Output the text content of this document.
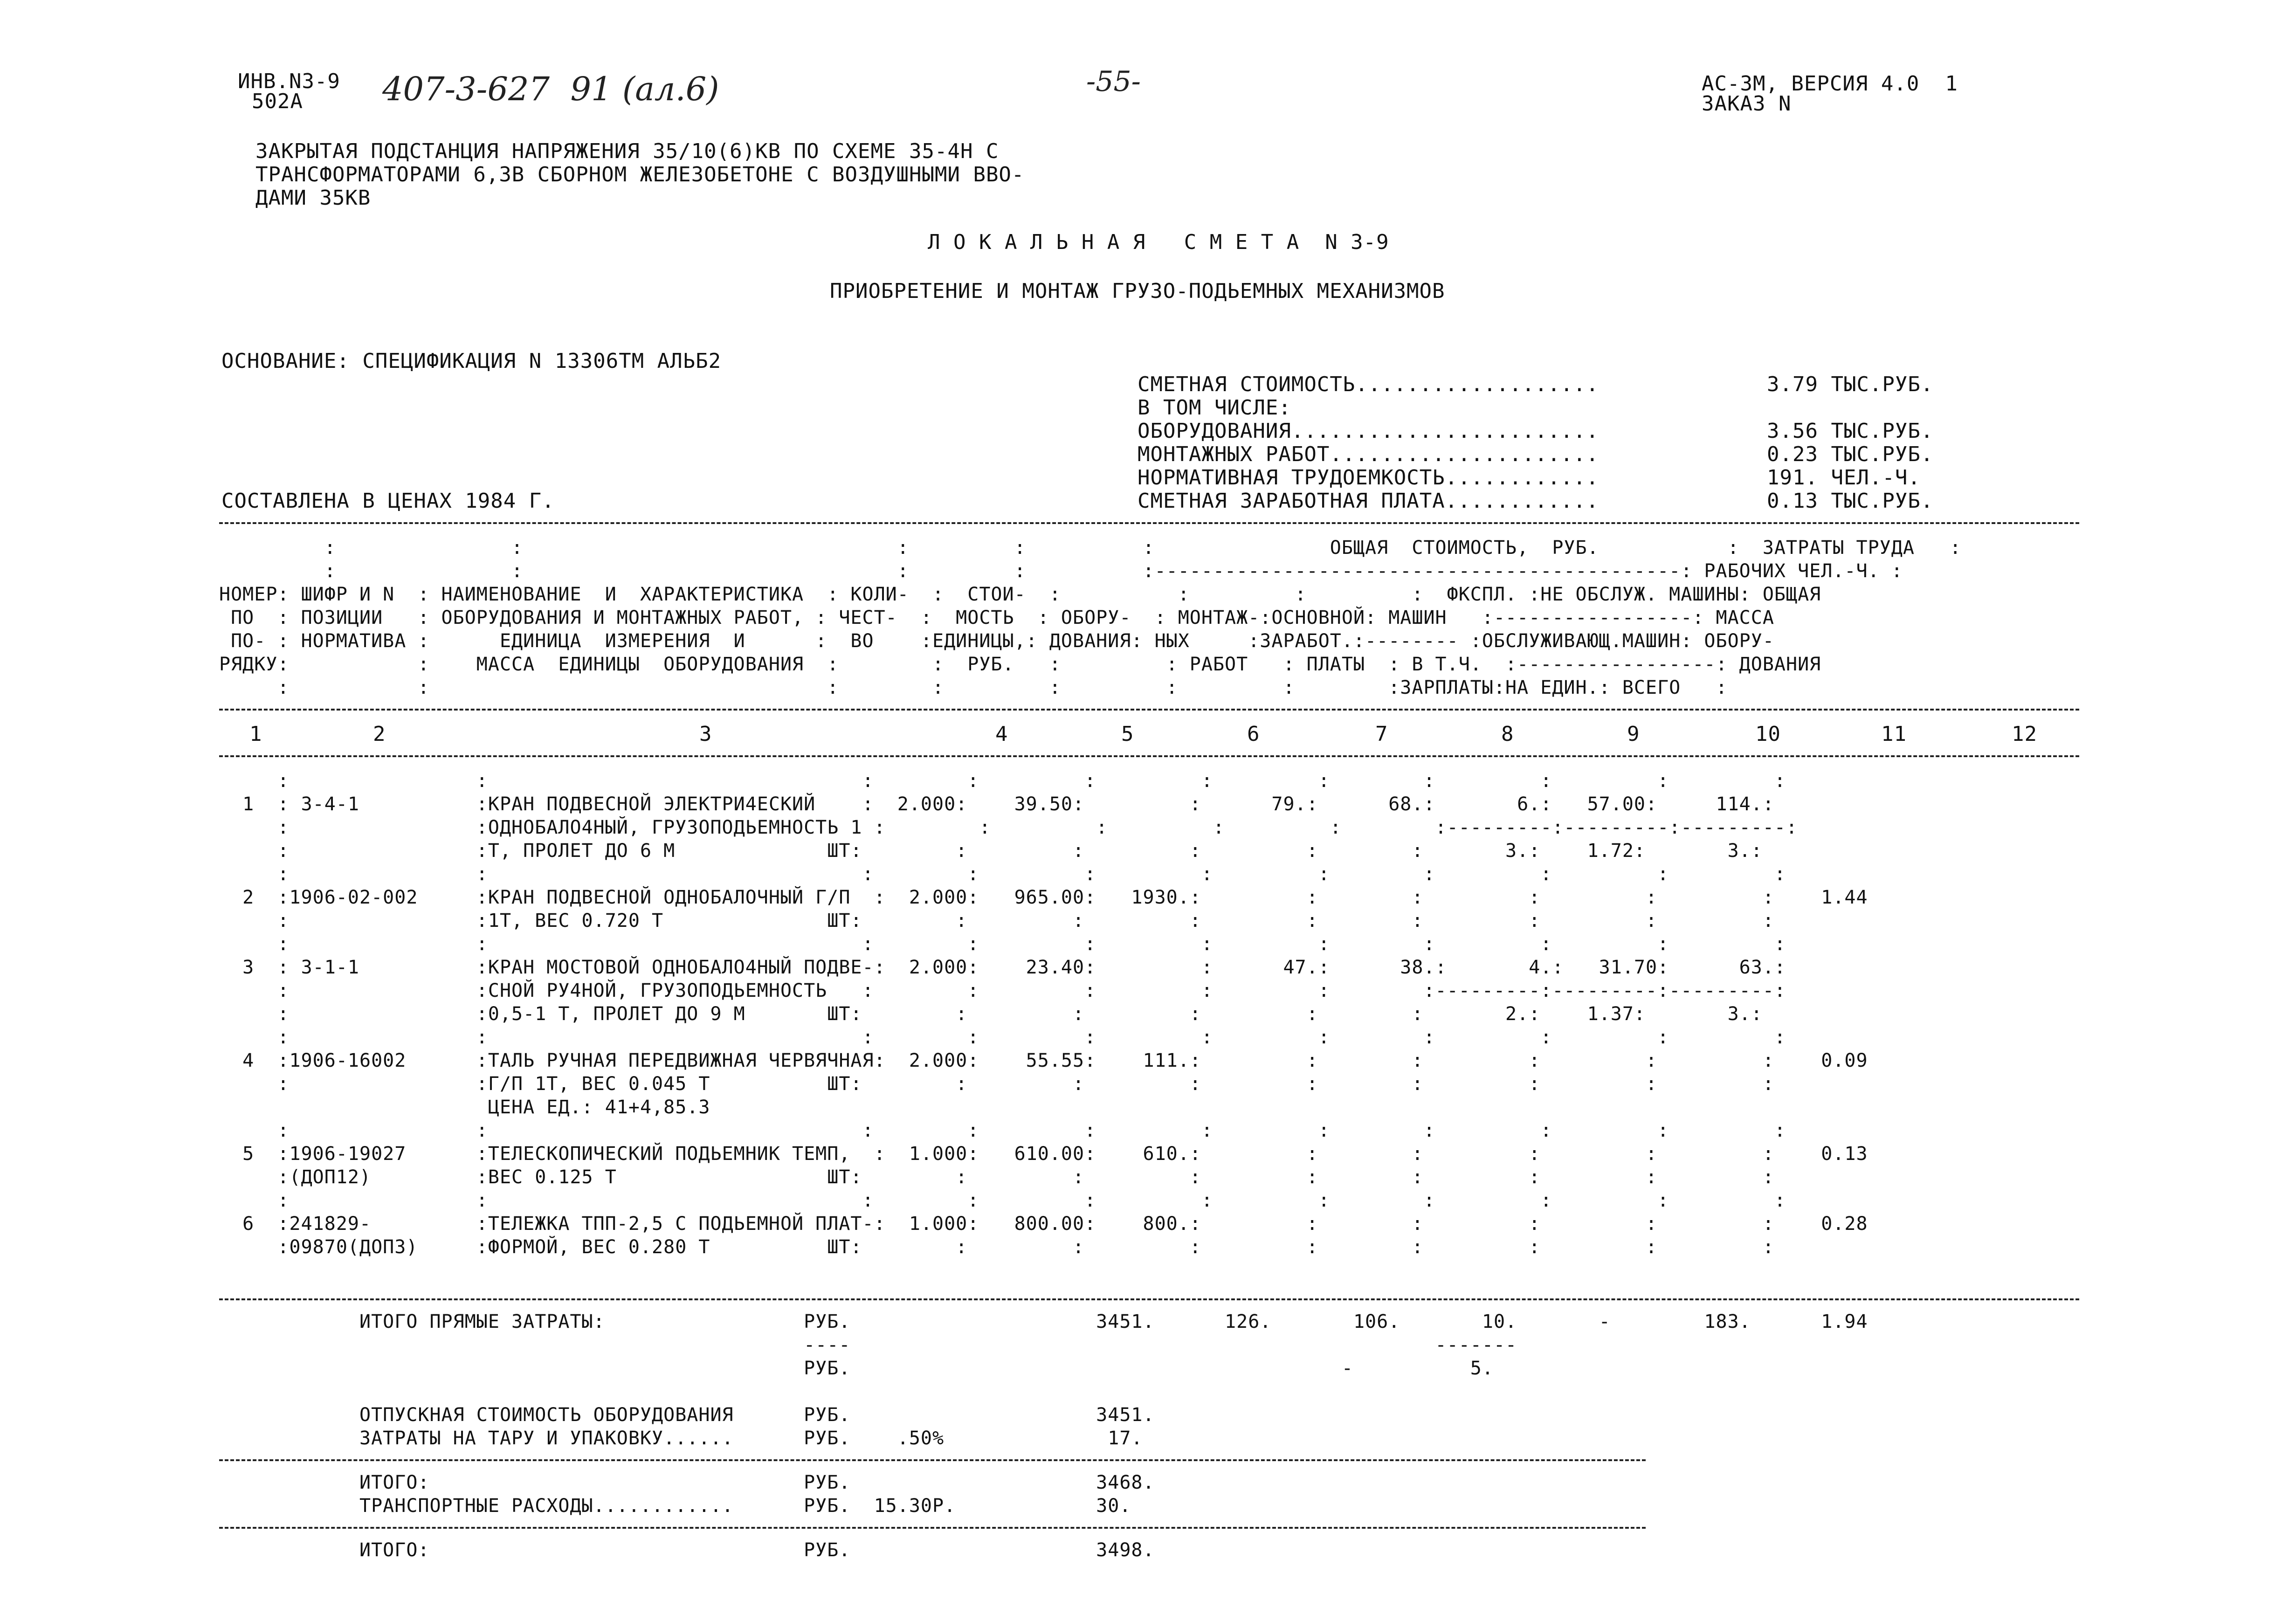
ИНВ.N3-9
502А 407-3-627  91 (ал.6)	-55-	АС-3М, ВЕРСИЯ 4.0  1
ЗАКАЗ N
ЗАКРЫТАЯ ПОДСТАНЦИЯ НАПРЯЖЕНИЯ 35/10(6)КВ ПО СХЕМЕ 35-4Н С
ТРАНСФОРМАТОРАМИ 6,3В СБОРНОМ ЖЕЛЕЗОБЕТОНЕ С ВОЗДУШНЫМИ ВВО-
ДАМИ 35КВ
Л О К А Л Ь Н А Я   С М Е Т А  N 3-9
ПРИОБРЕТЕНИЕ И МОНТАЖ ГРУЗО-ПОДЬЕМНЫХ МЕХАНИЗМОВ
ОСНОВАНИЕ: СПЕЦИФИКАЦИЯ N 13306ТМ АЛЬБ2
СОСТАВЛЕНА В ЦЕНАХ 1984 Г.
СМЕТНАЯ СТОИМОСТЬ...................	3.79 ТЫС.РУБ.
В ТОМ ЧИСЛЕ:
ОБОРУДОВАНИЯ........................	3.56 ТЫС.РУБ.
МОНТАЖНЫХ РАБОТ.....................	0.23 ТЫС.РУБ.
НОРМАТИВНАЯ ТРУДОЕМКОСТЬ............	191. ЧЕЛ.-Ч.
СМЕТНАЯ ЗАРАБОТНАЯ ПЛАТА............	0.13 ТЫС.РУБ.
:               :                                :         :          :               ОБЩАЯ  СТОИМОСТЬ,  РУБ.           :  ЗАТРАТЫ ТРУДА   :
:               :                                :         :          :---------------------------------------------: РАБОЧИХ ЧЕЛ.-Ч. :
НОМЕР: ШИФР И N  : НАИМЕНОВАНИЕ  И  ХАРАКТЕРИСТИКА  : КОЛИ-  :  СТОИ-  :          :         :         :  ФКСПЛ. :НЕ ОБСЛУЖ. МАШИНЫ: ОБЩАЯ
ПО  : ПОЗИЦИИ   : ОБОРУДОВАНИЯ И МОНТАЖНЫХ РАБОТ, : ЧЕСТ-  :  МОСТЬ  : ОБОРУ-  : МОНТАЖ-:ОСНОВНОЙ: МАШИН   :-----------------: МАССА
ПО- : НОРМАТИВА :      ЕДИНИЦА  ИЗМЕРЕНИЯ  И      :  ВО    :ЕДИНИЦЫ,: ДОВАНИЯ: НЫХ     :ЗАРАБОТ.:-------- :ОБСЛУЖИВАЮЩ.МАШИН: ОБОРУ-
РЯДКУ:           :    МАССА  ЕДИНИЦЫ  ОБОРУДОВАНИЯ  :        :  РУБ.   :         : РАБОТ   : ПЛАТЫ  : В Т.Ч.  :-----------------: ДОВАНИЯ
:           :                                  :        :         :         :         :        :ЗАРПЛАТЫ:НА ЕДИН.: ВСЕГО   :
1	2	3	4	5	6	7	8	9	10	11	12
:                :                                :        :         :         :         :        :         :         :         :
1  : 3-4-1          :КРАН ПОДВЕСНОЙ ЭЛЕКТРИ4ЕСКИЙ    :  2.000:    39.50:         :      79.:      68.:       6.:   57.00:     114.:
:                :ОДНОБАЛО4НЫЙ, ГРУЗОПОДЬЕМНОСТЬ 1 :        :         :         :         :        :---------:---------:---------:
:                :Т, ПРОЛЕТ ДО 6 М             ШТ:        :         :         :         :        :       3.:    1.72:       3.:
:                :                                :        :         :         :         :        :         :         :         :
2  :1906-02-002     :КРАН ПОДВЕСНОЙ ОДНОБАЛОЧНЫЙ Г/П  :  2.000:   965.00:   1930.:         :        :         :         :         :    1.44
:                :1Т, ВЕС 0.720 Т              ШТ:        :         :         :         :        :         :         :         :
:                :                                :        :         :         :         :        :         :         :         :
3  : 3-1-1          :КРАН МОСТОВОЙ ОДНОБАЛО4НЫЙ ПОДВЕ-:  2.000:    23.40:         :      47.:      38.:       4.:   31.70:      63.:
:                :СНОЙ РУ4НОЙ, ГРУЗОПОДЬЕМНОСТЬ   :        :         :         :         :        :---------:---------:---------:
:                :0,5-1 Т, ПРОЛЕТ ДО 9 М       ШТ:        :         :         :         :        :       2.:    1.37:       3.:
:                :                                :        :         :         :         :        :         :         :         :
4  :1906-16002      :ТАЛЬ РУЧНАЯ ПЕРЕДВИЖНАЯ ЧЕРВЯЧНАЯ:  2.000:    55.55:    111.:         :        :         :         :         :    0.09
:                :Г/П 1Т, ВЕС 0.045 Т          ШТ:        :         :         :         :        :         :         :         :
ЦЕНА ЕД.: 41+4,85.3
:                :                                :        :         :         :         :        :         :         :         :
5  :1906-19027      :ТЕЛЕСКОПИЧЕСКИЙ ПОДЬЕМНИК ТЕМП,  :  1.000:   610.00:    610.:         :        :         :         :         :    0.13
:(ДОП12)         :ВЕС 0.125 Т                  ШТ:        :         :         :         :        :         :         :         :
:                :                                :        :         :         :         :        :         :         :         :
6  :241829-         :ТЕЛЕЖКА ТПП-2,5 С ПОДЬЕМНОЙ ПЛАТ-:  1.000:   800.00:    800.:         :        :         :         :         :    0.28
:09870(ДОП3)     :ФОРМОЙ, ВЕС 0.280 Т          ШТ:        :         :         :         :        :         :         :         :
ИТОГО ПРЯМЫЕ ЗАТРАТЫ:                 РУБ.                     3451.      126.       106.       10.       -        183.      1.94
----                                                  -------
РУБ.                                          -          5.
ОТПУСКНАЯ СТОИМОСТЬ ОБОРУДОВАНИЯ      РУБ.                     3451.
ЗАТРАТЫ НА ТАРУ И УПАКОВКУ......      РУБ.    .50%              17.
ИТОГО:                                РУБ.                     3468.
ТРАНСПОРТНЫЕ РАСХОДЫ............      РУБ.  15.30Р.            30.
ИТОГО:                                РУБ.                     3498.
